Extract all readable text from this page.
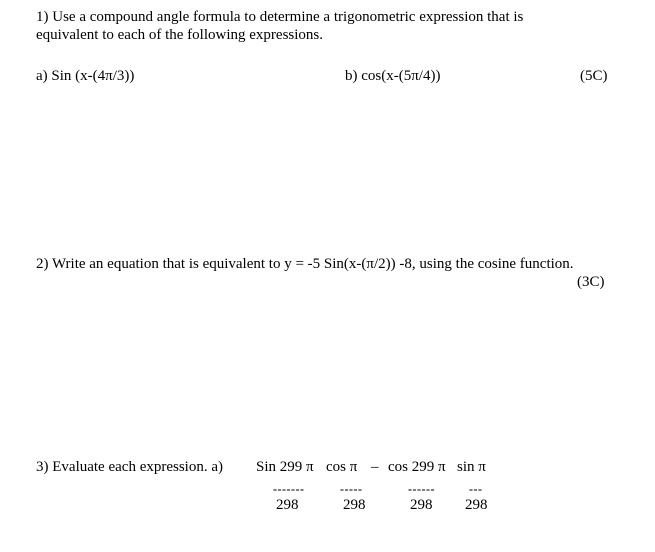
1) Use a compound angle formula to determine a trigonometric expression that is equivalent to each of the following expressions.
a) Sin (x-(4π/3))	b) cos(x-(5π/4))	(5C)
2) Write an equation that is equivalent to y = -5 Sin(x-(π/2)) -8, using the cosine function.
(3C)
3) Evaluate each expression. a) Sin 299 π cos π – cos 299 π sin π
-------	-----	------	---
298	298	298 298
